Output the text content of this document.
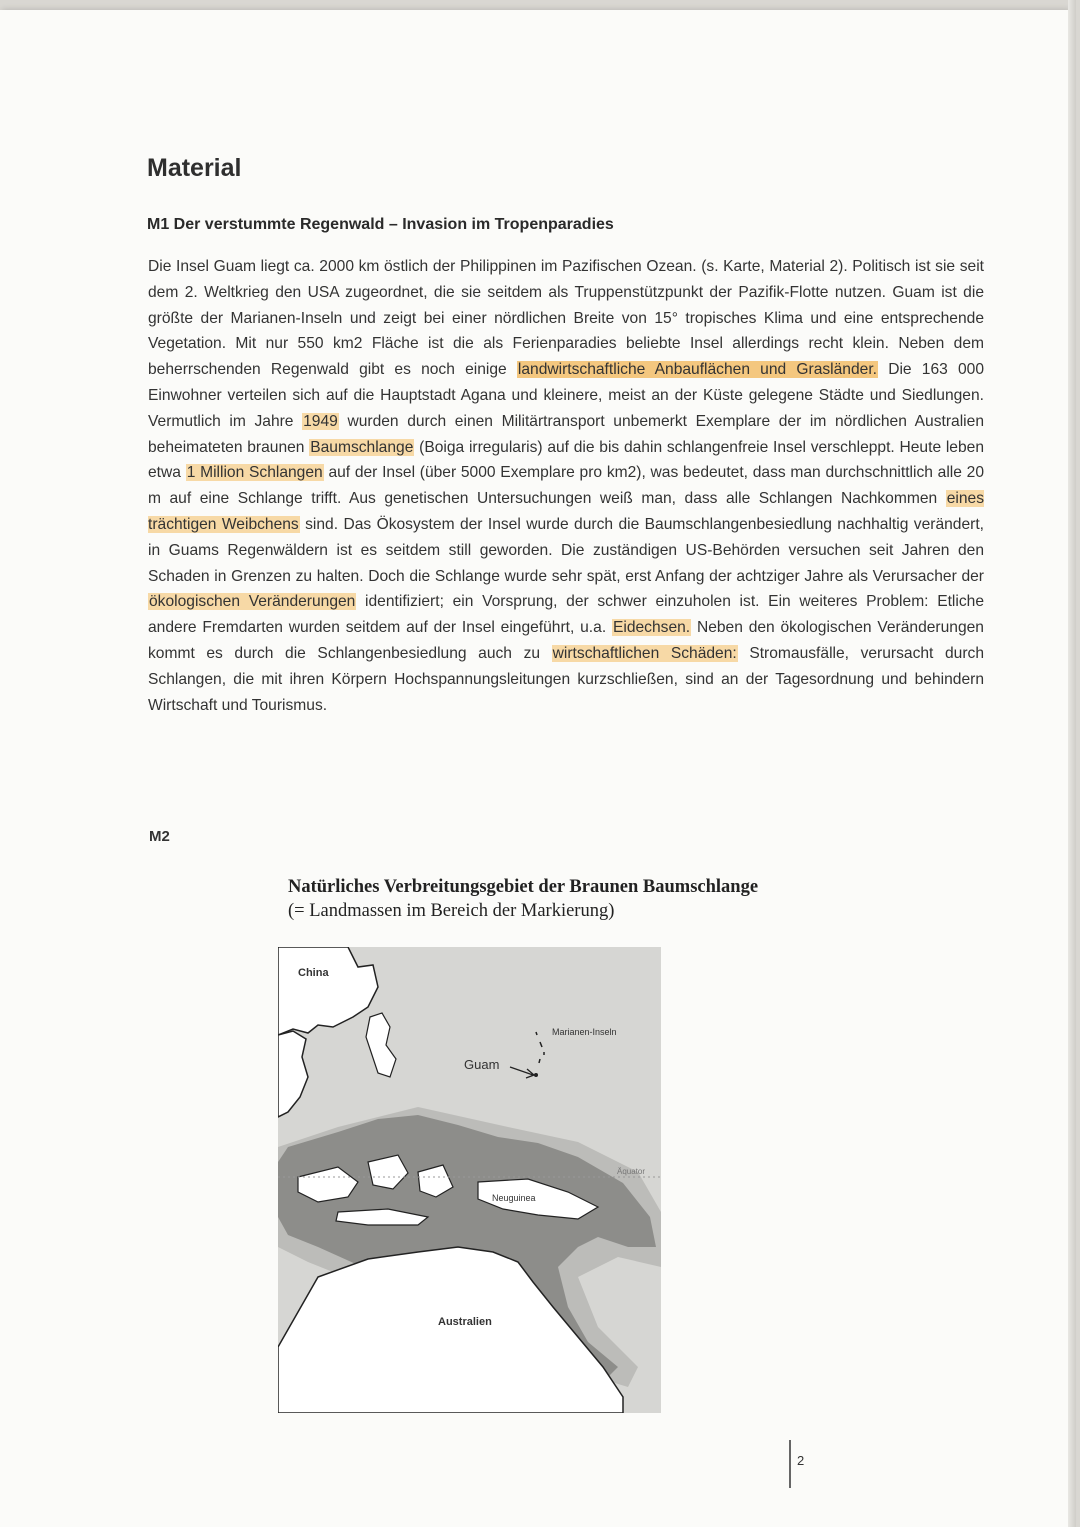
Material
M1 Der verstummte Regenwald – Invasion im Tropenparadies

Die Insel Guam liegt ca. 2000 km östlich der Philippinen im Pazifischen Ozean. (s. Karte, Material 2). Politisch ist sie seit dem 2. Weltkrieg den USA zugeordnet, die sie seitdem als Truppenstützpunkt der Pazifik-Flotte nutzen. Guam ist die größte der Marianen-Inseln und zeigt bei einer nördlichen Breite von 15° tropisches Klima und eine entsprechende Vegetation. Mit nur 550 km2 Fläche ist die als Ferienparadies beliebte Insel allerdings recht klein. Neben dem beherrschenden Regenwald gibt es noch einige landwirtschaftliche Anbauflächen und Grasländer. Die 163 000 Einwohner verteilen sich auf die Hauptstadt Agana und kleinere, meist an der Küste gelegene Städte und Siedlungen. Vermutlich im Jahre 1949 wurden durch einen Militärtransport unbemerkt Exemplare der im nördlichen Australien beheimateten braunen Baumschlange (Boiga irregularis) auf die bis dahin schlangenfreie Insel verschleppt. Heute leben etwa 1 Million Schlangen auf der Insel (über 5000 Exemplare pro km2), was bedeutet, dass man durchschnittlich alle 20 m auf eine Schlange trifft. Aus genetischen Untersuchungen weiß man, dass alle Schlangen Nachkommen eines trächtigen Weibchens sind. Das Ökosystem der Insel wurde durch die Baumschlangenbesiedlung nachhaltig verändert, in Guams Regenwäldern ist es seitdem still geworden. Die zuständigen US-Behörden versuchen seit Jahren den Schaden in Grenzen zu halten. Doch die Schlange wurde sehr spät, erst Anfang der achtziger Jahre als Verursacher der ökologischen Veränderungen identifiziert; ein Vorsprung, der schwer einzuholen ist. Ein weiteres Problem: Etliche andere Fremdarten wurden seitdem auf der Insel eingeführt, u.a. Eidechsen. Neben den ökologischen Veränderungen kommt es durch die Schlangenbesiedlung auch zu wirtschaftlichen Schäden: Stromausfälle, verursacht durch Schlangen, die mit ihren Körpern Hochspannungsleitungen kurzschließen, sind an der Tagesordnung und behindern Wirtschaft und Tourismus.

M2
Natürliches Verbreitungsgebiet der Braunen Baumschlange
(= Landmassen im Bereich der Markierung)
China
Marianen-Inseln
Guam
Äquator
Neuguinea
Australien
2
